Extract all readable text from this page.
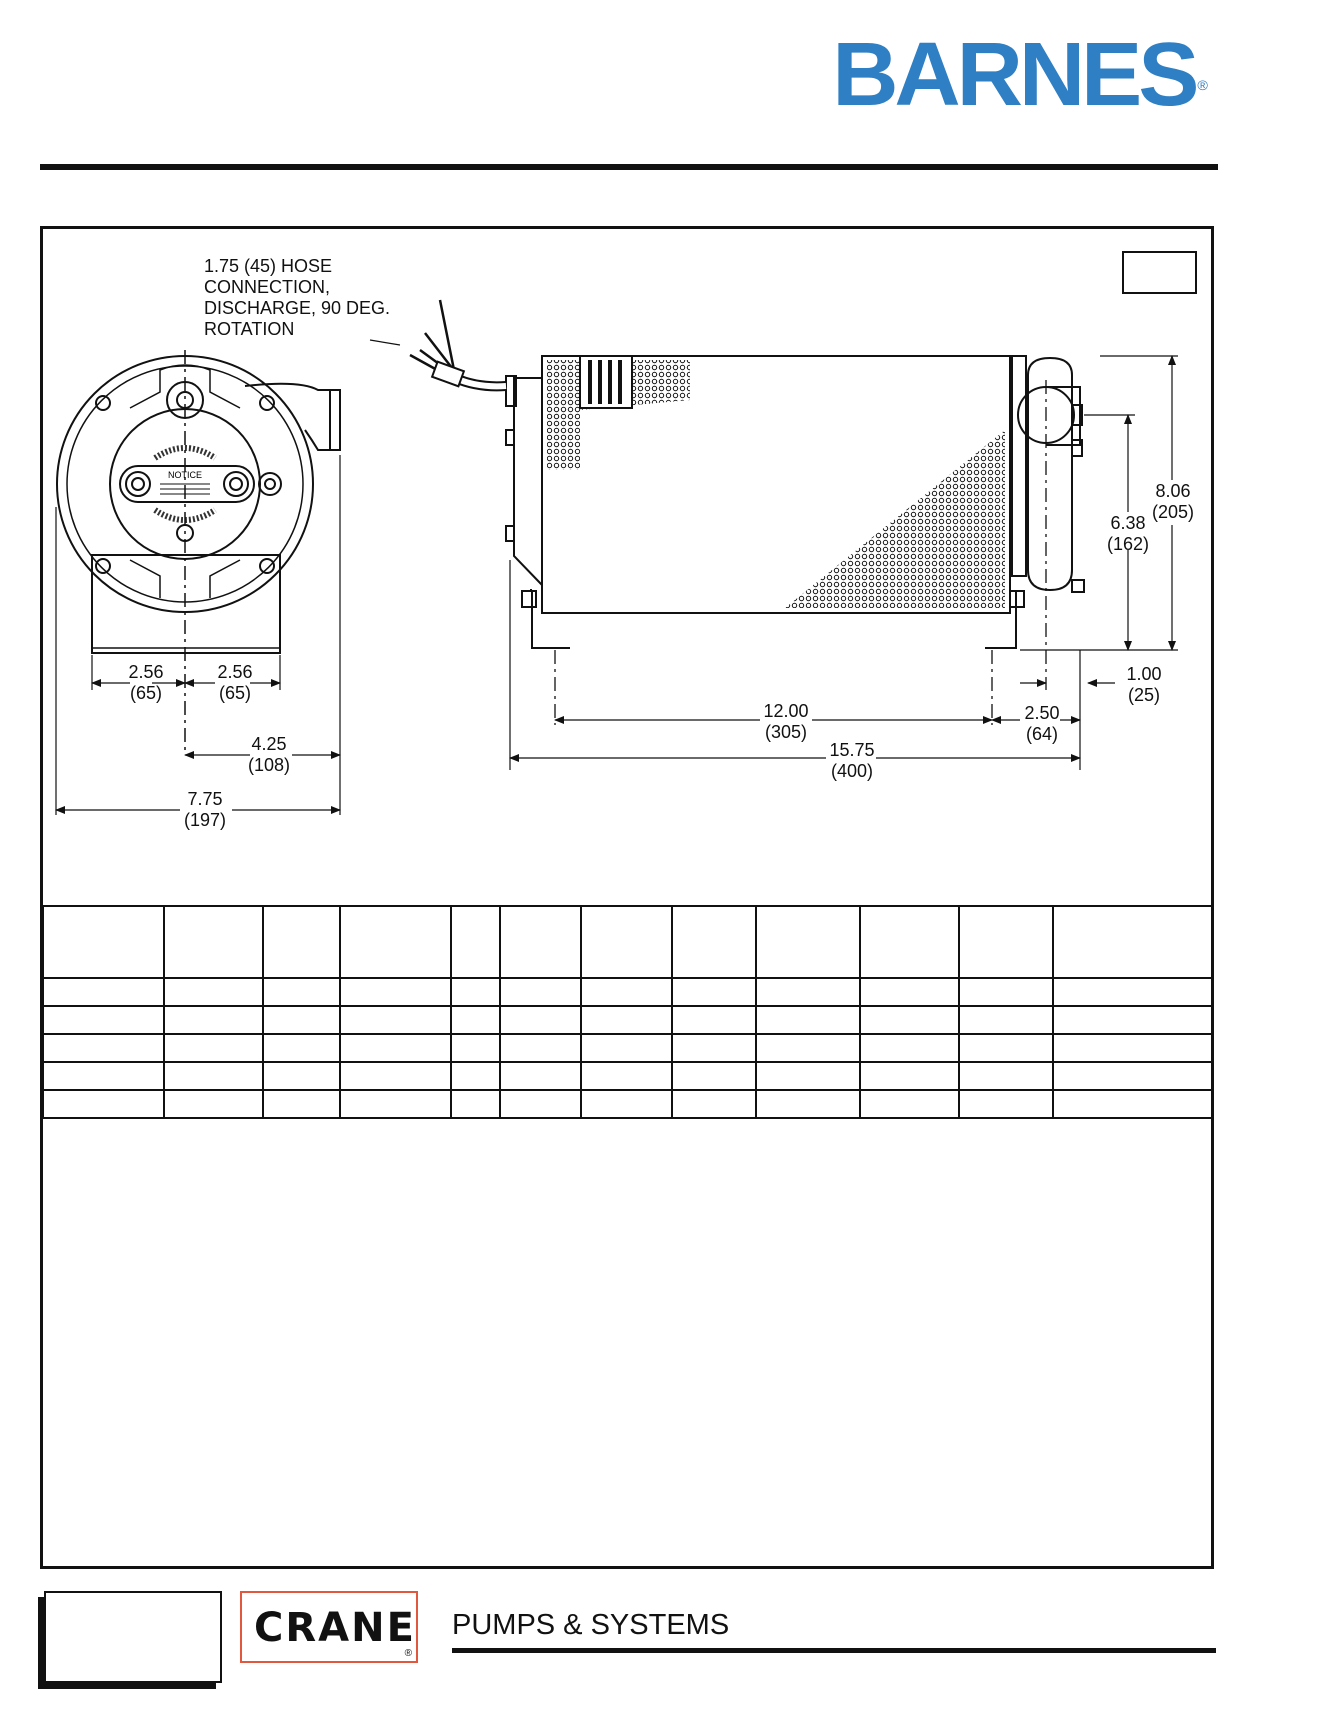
BARNES ®
NOTICE
1.75 (45) HOSE
CONNECTION,
DISCHARGE, 90 DEG.
ROTATION
2.56
(65)
2.56
(65)
4.25
(108)
7.75
(197)
12.00
(305)
2.50
(64)
15.75
(400)
1.00
(25)
6.38
(162)
8.06
(205)

CRANE
®
PUMPS & SYSTEMS
